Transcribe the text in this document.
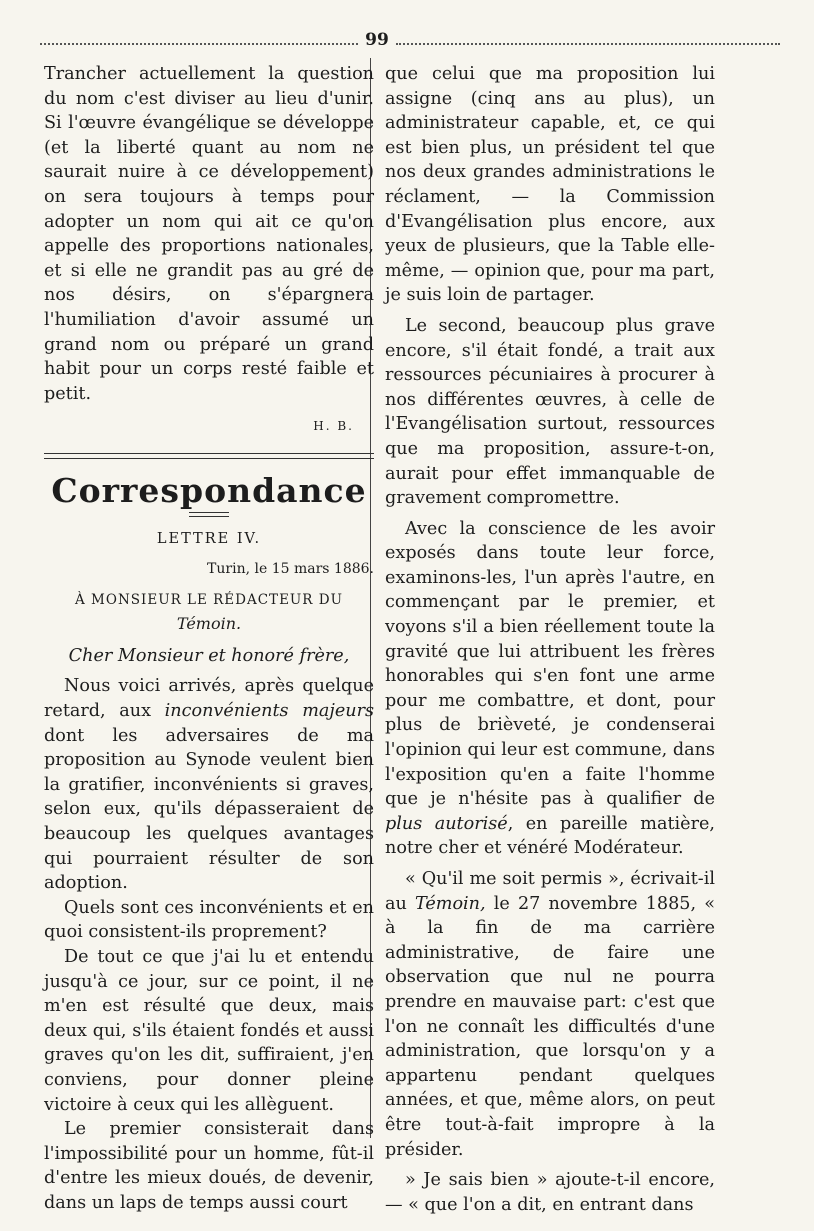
99

Trancher actuellement la question du nom c'est diviser au lieu d'unir. Si l'œuvre évangélique se développe (et la liberté quant au nom ne saurait nuire à ce développement) on sera toujours à temps pour adopter un nom qui ait ce qu'on appelle des proportions nationales, et si elle ne grandit pas au gré de nos désirs, on s'épargnera l'humiliation d'avoir assumé un grand nom ou préparé un grand habit pour un corps resté faible et petit.

H. B.
Correspondance
LETTRE IV.
Turin, le 15 mars 1886.
À MONSIEUR LE RÉDACTEUR DU Témoin.

Cher Monsieur et honoré frère,

Nous voici arrivés, après quelque retard, aux inconvénients majeurs dont les adversaires de ma proposition au Synode veulent bien la gratifier, inconvénients si graves, selon eux, qu'ils dépasseraient de beaucoup les quelques avantages qui pourraient résulter de son adoption.

Quels sont ces inconvénients et en quoi consistent-ils proprement?

De tout ce que j'ai lu et entendu jusqu'à ce jour, sur ce point, il ne m'en est résulté que deux, mais deux qui, s'ils étaient fondés et aussi graves qu'on les dit, suffiraient, j'en conviens, pour donner pleine victoire à ceux qui les allèguent.

Le premier consisterait dans l'impossibilité pour un homme, fût-il d'entre les mieux doués, de devenir, dans un laps de temps aussi court

que celui que ma proposition lui assigne (cinq ans au plus), un administrateur capable, et, ce qui est bien plus, un président tel que nos deux grandes administrations le réclament, — la Commission d'Evangélisation plus encore, aux yeux de plusieurs, que la Table elle-même, — opinion que, pour ma part, je suis loin de partager.

Le second, beaucoup plus grave encore, s'il était fondé, a trait aux ressources pécuniaires à procurer à nos différentes œuvres, à celle de l'Evangélisation surtout, ressources que ma proposition, assure-t-on, aurait pour effet immanquable de gravement compromettre.

Avec la conscience de les avoir exposés dans toute leur force, examinons-les, l'un après l'autre, en commençant par le premier, et voyons s'il a bien réellement toute la gravité que lui attribuent les frères honorables qui s'en font une arme pour me combattre, et dont, pour plus de brièveté, je condenserai l'opinion qui leur est commune, dans l'exposition qu'en a faite l'homme que je n'hésite pas à qualifier de plus autorisé, en pareille matière, notre cher et vénéré Modérateur.

« Qu'il me soit permis », écrivait-il au Témoin, le 27 novembre 1885, « à la fin de ma carrière administrative, de faire une observation que nul ne pourra prendre en mauvaise part: c'est que l'on ne connaît les difficultés d'une administration, que lorsqu'on y a appartenu pendant quelques années, et que, même alors, on peut être tout-à-fait impropre à la présider.

» Je sais bien » ajoute-t-il encore, — « que l'on a dit, en entrant dans
